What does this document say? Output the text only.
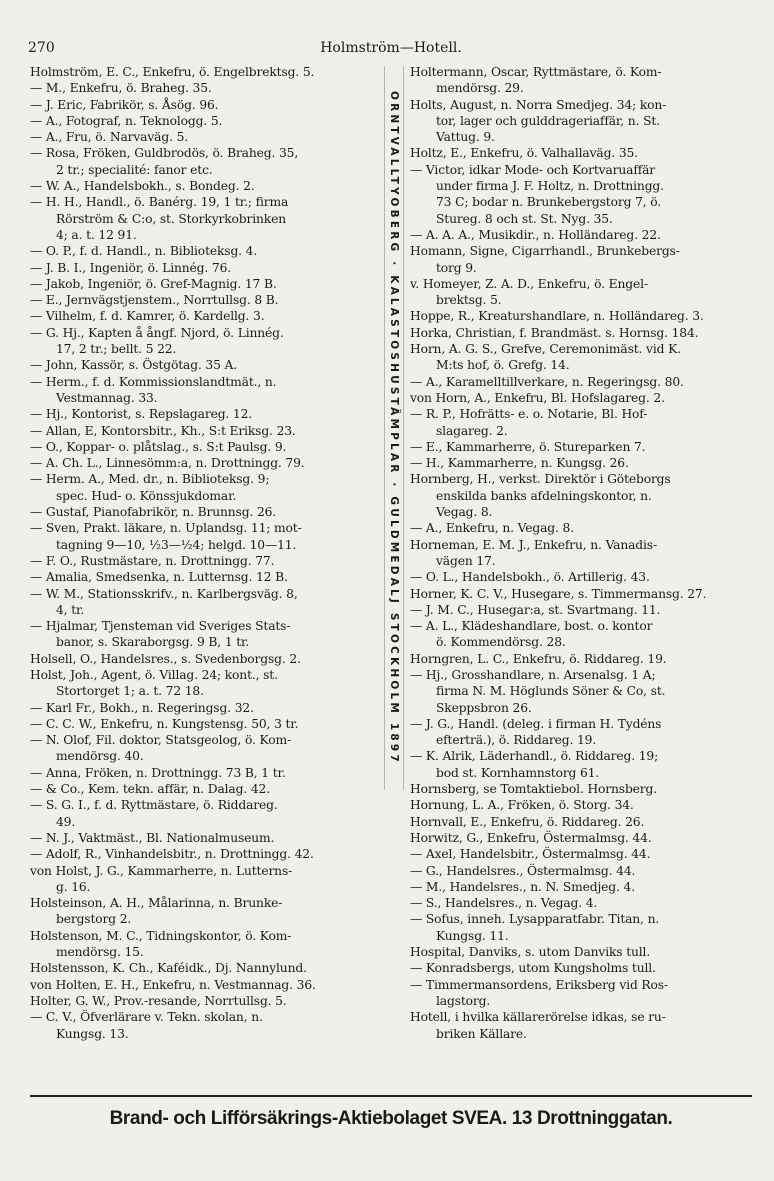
270	Holmström—Hotell.
Holmström, E. C., Enkefru, ö. Engelbrektsg. 5.
— M., Enkefru, ö. Braheg. 35.
— J. Eric, Fabrikör, s. Åsög. 96.
— A., Fotograf, n. Teknologg. 5.
— A., Fru, ö. Narvaväg. 5.
— Rosa, Fröken, Guldbrodös, ö. Braheg. 35,
2 tr.; specialité: fanor etc.
— W. A., Handelsbokh., s. Bondeg. 2.
— H. H., Handl., ö. Banérg. 19, 1 tr.; firma
Rörström & C:o, st. Storkyrkobrinken
4; a. t. 12 91.
— O. P., f. d. Handl., n. Biblioteksg. 4.
— J. B. I., Ingeniör, ö. Linnég. 76.
— Jakob, Ingeniör, ö. Gref-Magnig. 17 B.
— E., Jernvägstjenstem., Norrtullsg. 8 B.
— Vilhelm, f. d. Kamrer, ö. Kardellg. 3.
— G. Hj., Kapten å ångf. Njord, ö. Linnég.
17, 2 tr.; bellt. 5 22.
— John, Kassör, s. Östgötag. 35 A.
— Herm., f. d. Kommissionslandtmät., n.
Vestmannag. 33.
— Hj., Kontorist, s. Repslagareg. 12.
— Allan, E, Kontorsbitr., Kh., S:t Eriksg. 23.
— O., Koppar- o. plåtslag., s. S:t Paulsg. 9.
— A. Ch. L., Linnesömm:a, n. Drottningg. 79.
— Herm. A., Med. dr., n. Biblioteksg. 9;
spec. Hud- o. Könssjukdomar.
— Gustaf, Pianofabrikör, n. Brunnsg. 26.
— Sven, Prakt. läkare, n. Uplandsg. 11; mot-
tagning 9—10, ½3—½4; helgd. 10—11.
— F. O., Rustmästare, n. Drottningg. 77.
— Amalia, Smedsenka, n. Lutternsg. 12 B.
— W. M., Stationsskrifv., n. Karlbergsväg. 8,
4, tr.
— Hjalmar, Tjensteman vid Sveriges Stats-
banor, s. Skaraborgsg. 9 B, 1 tr.
Holsell, O., Handelsres., s. Svedenborgsg. 2.
Holst, Joh., Agent, ö. Villag. 24; kont., st.
Stortorget 1; a. t. 72 18.
— Karl Fr., Bokh., n. Regeringsg. 32.
— C. C. W., Enkefru, n. Kungstensg. 50, 3 tr.
— N. Olof, Fil. doktor, Statsgeolog, ö. Kom-
mendörsg. 40.
— Anna, Fröken, n. Drottningg. 73 B, 1 tr.
— & Co., Kem. tekn. affär, n. Dalag. 42.
— S. G. I., f. d. Ryttmästare, ö. Riddareg.
49.
— N. J., Vaktmäst., Bl. Nationalmuseum.
— Adolf, R., Vinhandelsbitr., n. Drottningg. 42.
von Holst, J. G., Kammarherre, n. Lutterns-
g. 16.
Holsteinson, A. H., Målarinna, n. Brunke-
bergstorg 2.
Holstenson, M. C., Tidningskontor, ö. Kom-
mendörsg. 15.
Holstensson, K. Ch., Kaféidk., Dj. Nannylund.
von Holten, E. H., Enkefru, n. Vestmannag. 36.
Holter, G. W., Prov.-resande, Norrtullsg. 5.
— C. V., Öfverlärare v. Tekn. skolan, n.
Kungsg. 13.
ORNTVALLTYOBERG · KALASTOSHUSTÄMPLAR · GULDMEDALJ STOCKHOLM 1897
Holtermann, Oscar, Ryttmästare, ö. Kom-
mendörsg. 29.
Holts, August, n. Norra Smedjeg. 34; kon-
tor, lager och gulddrageriaffär, n. St.
Vattug. 9.
Holtz, E., Enkefru, ö. Valhallaväg. 35.
— Victor, idkar Mode- och Kortvaruaffär
under firma J. F. Holtz, n. Drottningg.
73 C; bodar n. Brunkebergstorg 7, ö.
Stureg. 8 och st. St. Nyg. 35.
— A. A. A., Musikdir., n. Holländareg. 22.
Homann, Signe, Cigarrhandl., Brunkebergs-
torg 9.
v. Homeyer, Z. A. D., Enkefru, ö. Engel-
brektsg. 5.
Hoppe, R., Kreaturshandlare, n. Holländareg. 3.
Horka, Christian, f. Brandmäst. s. Hornsg. 184.
Horn, A. G. S., Grefve, Ceremonimäst. vid K.
M:ts hof, ö. Grefg. 14.
— A., Karamelltillverkare, n. Regeringsg. 80.
von Horn, A., Enkefru, Bl. Hofslagareg. 2.
— R. P., Hofrätts- e. o. Notarie, Bl. Hof-
slagareg. 2.
— E., Kammarherre, ö. Stureparken 7.
— H., Kammarherre, n. Kungsg. 26.
Hornberg, H., verkst. Direktör i Göteborgs
enskilda banks afdelningskontor, n.
Vegag. 8.
— A., Enkefru, n. Vegag. 8.
Horneman, E. M. J., Enkefru, n. Vanadis-
vägen 17.
— O. L., Handelsbokh., ö. Artillerig. 43.
Horner, K. C. V., Husegare, s. Timmermansg. 27.
— J. M. C., Husegar:a, st. Svartmang. 11.
— A. L., Klädeshandlare, bost. o. kontor
ö. Kommendörsg. 28.
Horngren, L. C., Enkefru, ö. Riddareg. 19.
— Hj., Grosshandlare, n. Arsenalsg. 1 A;
firma N. M. Höglunds Söner & Co, st.
Skeppsbron 26.
— J. G., Handl. (deleg. i firman H. Tydéns
efterträ.), ö. Riddareg. 19.
— K. Alrik, Läderhandl., ö. Riddareg. 19;
bod st. Kornhamnstorg 61.
Hornsberg, se Tomtaktiebol. Hornsberg.
Hornung, L. A., Fröken, ö. Storg. 34.
Hornvall, E., Enkefru, ö. Riddareg. 26.
Horwitz, G., Enkefru, Östermalmsg. 44.
— Axel, Handelsbitr., Östermalmsg. 44.
— G., Handelsres., Östermalmsg. 44.
— M., Handelsres., n. N. Smedjeg. 4.
— S., Handelsres., n. Vegag. 4.
— Sofus, inneh. Lysapparatfabr. Titan, n.
Kungsg. 11.
Hospital, Danviks, s. utom Danviks tull.
— Konradsbergs, utom Kungsholms tull.
— Timmermansordens, Eriksberg vid Ros-
lagstorg.
Hotell, i hvilka källarerörelse idkas, se ru-
briken Källare.
Brand- och Lifförsäkrings-Aktiebolaget SVEA. 13 Drottninggatan.
